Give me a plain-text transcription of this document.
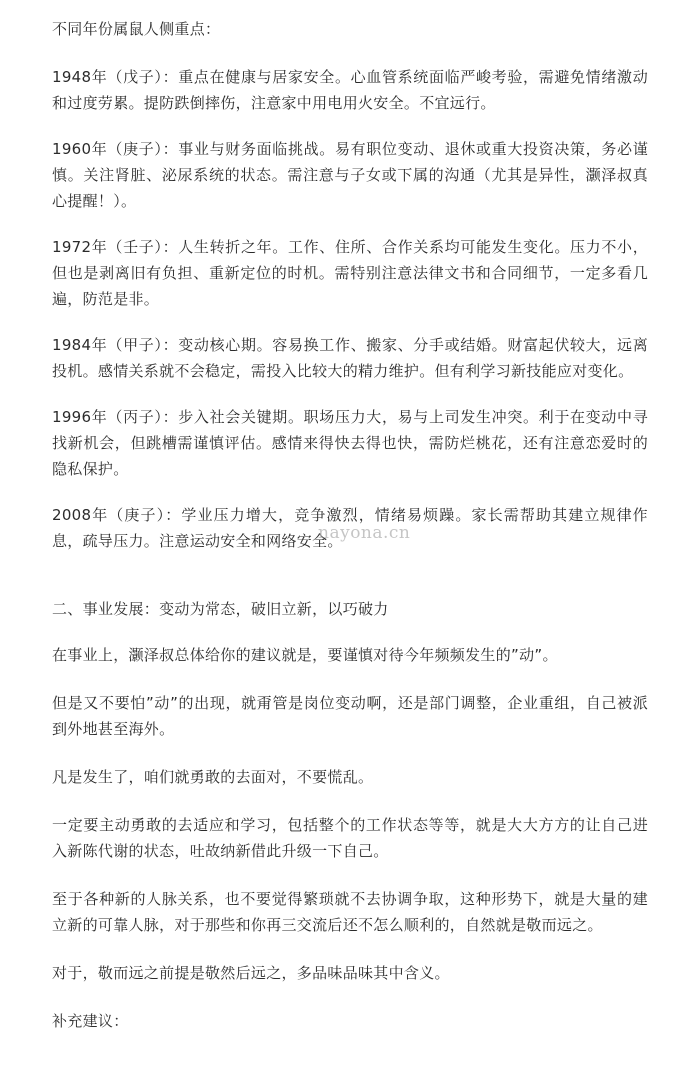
不同年份属鼠人侧重点：

1948年（戊子）：重点在健康与居家安全。心血管系统面临严峻考验，需避免情绪激动和过度劳累。提防跌倒摔伤，注意家中用电用火安全。不宜远行。

1960年（庚子）：事业与财务面临挑战。易有职位变动、退休或重大投资决策，务必谨慎。关注肾脏、泌尿系统的状态。需注意与子女或下属的沟通（尤其是异性，灏泽叔真心提醒！）。

1972年（壬子）：人生转折之年。工作、住所、合作关系均可能发生变化。压力不小，但也是剥离旧有负担、重新定位的时机。需特别注意法律文书和合同细节，一定多看几遍，防范是非。

1984年（甲子）：变动核心期。容易换工作、搬家、分手或结婚。财富起伏较大，远离投机。感情关系就不会稳定，需投入比较大的精力维护。但有利学习新技能应对变化。

1996年（丙子）：步入社会关键期。职场压力大，易与上司发生冲突。利于在变动中寻找新机会，但跳槽需谨慎评估。感情来得快去得也快，需防烂桃花，还有注意恋爱时的隐私保护。

2008年（庚子）：学业压力增大，竞争激烈，情绪易烦躁。家长需帮助其建立规律作息，疏导压力。注意运动安全和网络安全。

二、事业发展：变动为常态，破旧立新，以巧破力

在事业上，灏泽叔总体给你的建议就是，要谨慎对待今年频频发生的”动”。

但是又不要怕”动”的出现，就甭管是岗位变动啊，还是部门调整，企业重组，自己被派到外地甚至海外。

凡是发生了，咱们就勇敢的去面对，不要慌乱。

一定要主动勇敢的去适应和学习，包括整个的工作状态等等，就是大大方方的让自己进入新陈代谢的状态，吐故纳新借此升级一下自己。

至于各种新的人脉关系，也不要觉得繁琐就不去协调争取，这种形势下，就是大量的建立新的可靠人脉，对于那些和你再三交流后还不怎么顺利的，自然就是敬而远之。

对于，敬而远之前提是敬然后远之，多品味品味其中含义。

补充建议：

nayona.cn
